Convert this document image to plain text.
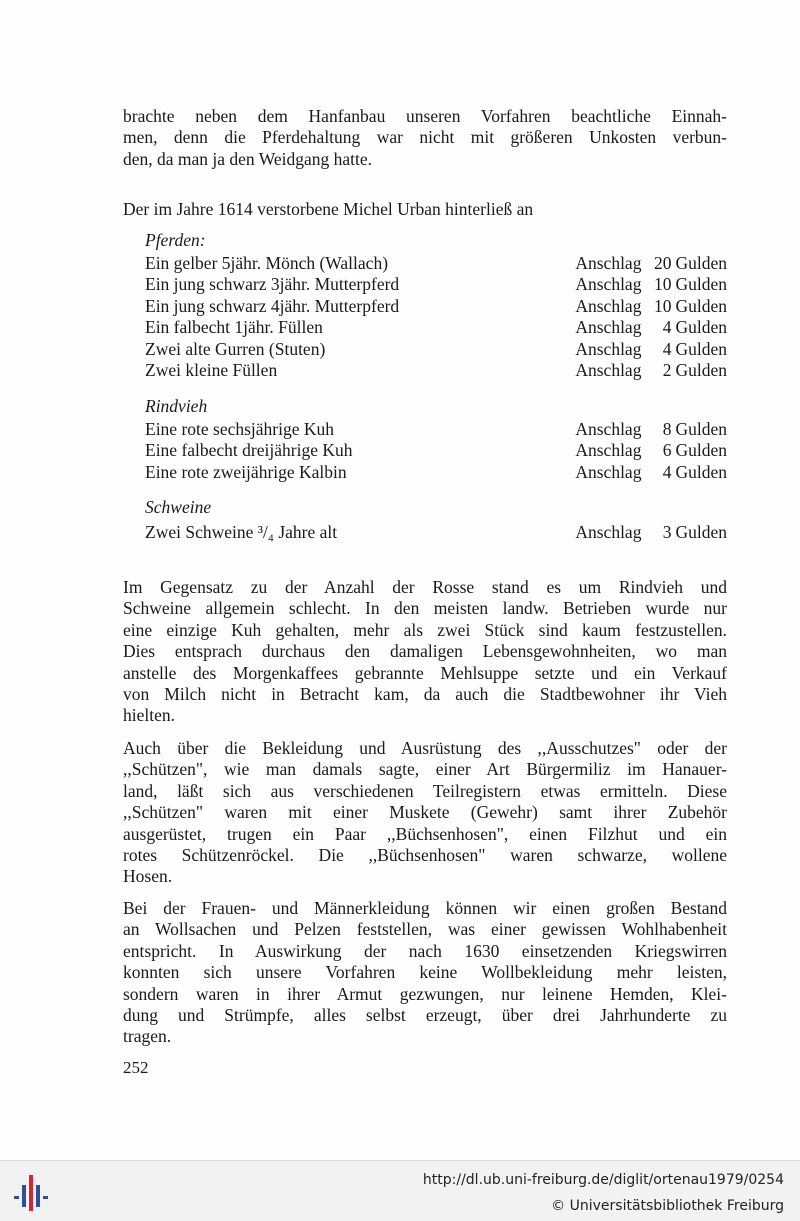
brachte neben dem Hanfanbau unseren Vorfahren beachtliche Einnah-
men, denn die Pferdehaltung war nicht mit größeren Unkosten verbun-
den, da man ja den Weidgang hatte.
Der im Jahre 1614 verstorbene Michel Urban hinterließ an
Pferden:
Ein gelber 5jähr. Mönch (Wallach)	Anschlag 20 Gulden
Ein jung schwarz 3jähr. Mutterpferd	Anschlag 10 Gulden
Ein jung schwarz 4jähr. Mutterpferd	Anschlag 10 Gulden
Ein falbecht 1jähr. Füllen	Anschlag 4 Gulden
Zwei alte Gurren (Stuten)	Anschlag 4 Gulden
Zwei kleine Füllen	Anschlag 2 Gulden
Rindvieh
Eine rote sechsjährige Kuh	Anschlag 8 Gulden
Eine falbecht dreijährige Kuh	Anschlag 6 Gulden
Eine rote zweijährige Kalbin	Anschlag 4 Gulden
Schweine
Zwei Schweine ³/₄ Jahre alt	Anschlag 3 Gulden
Im Gegensatz zu der Anzahl der Rosse stand es um Rindvieh und
Schweine allgemein schlecht. In den meisten landw. Betrieben wurde nur
eine einzige Kuh gehalten, mehr als zwei Stück sind kaum festzustellen.
Dies entsprach durchaus den damaligen Lebensgewohnheiten, wo man
anstelle des Morgenkaffees gebrannte Mehlsuppe setzte und ein Verkauf
von Milch nicht in Betracht kam, da auch die Stadtbewohner ihr Vieh
hielten.
Auch über die Bekleidung und Ausrüstung des ,,Ausschutzes" oder der
,,Schützen", wie man damals sagte, einer Art Bürgermiliz im Hanauer-
land, läßt sich aus verschiedenen Teilregistern etwas ermitteln. Diese
,,Schützen" waren mit einer Muskete (Gewehr) samt ihrer Zubehör
ausgerüstet, trugen ein Paar ,,Büchsenhosen", einen Filzhut und ein
rotes Schützenröckel. Die ,,Büchsenhosen" waren schwarze, wollene
Hosen.
Bei der Frauen- und Männerkleidung können wir einen großen Bestand
an Wollsachen und Pelzen feststellen, was einer gewissen Wohlhabenheit
entspricht. In Auswirkung der nach 1630 einsetzenden Kriegswirren
konnten sich unsere Vorfahren keine Wollbekleidung mehr leisten,
sondern waren in ihrer Armut gezwungen, nur leinene Hemden, Klei-
dung und Strümpfe, alles selbst erzeugt, über drei Jahrhunderte zu
tragen.
252
http://dl.ub.uni-freiburg.de/diglit/ortenau1979/0254
© Universitätsbibliothek Freiburg
